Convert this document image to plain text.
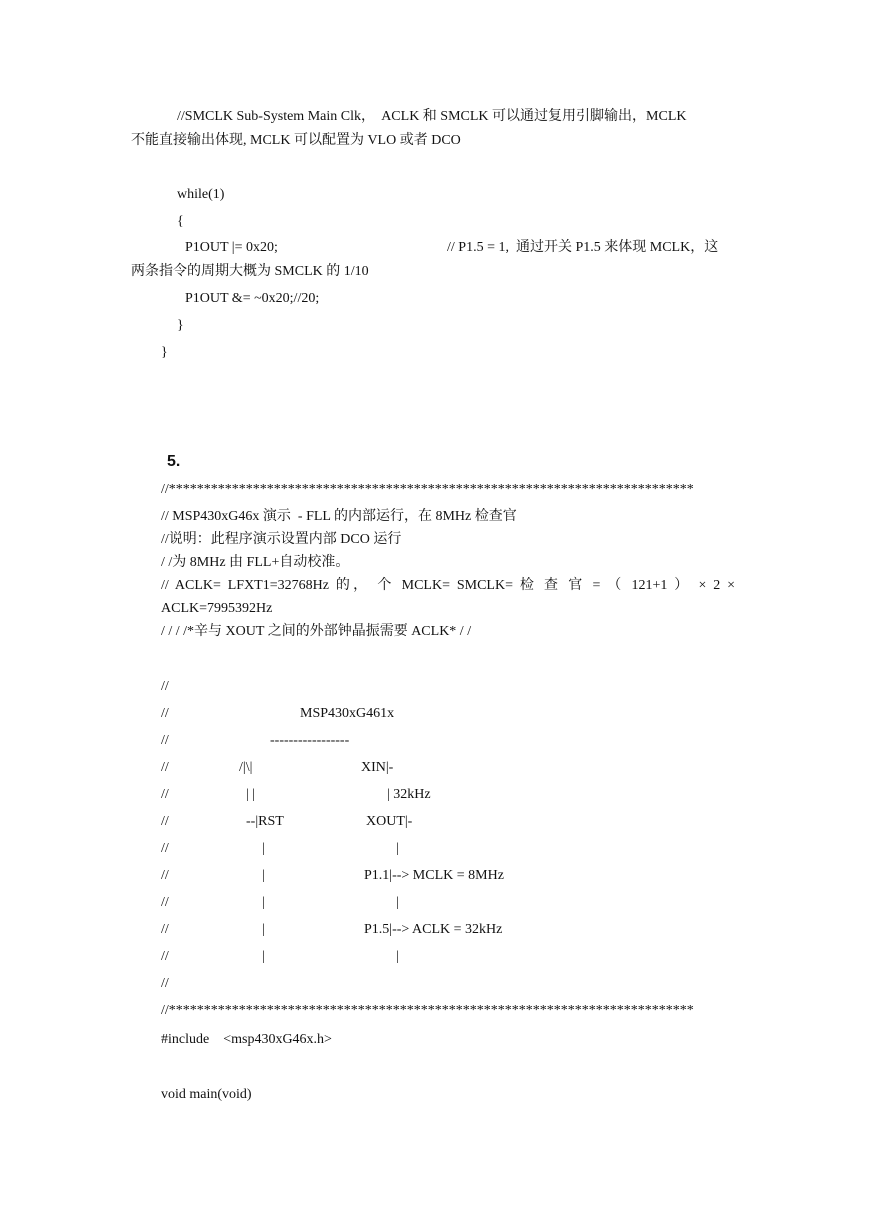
//SMCLK Sub-System Main Clk，  ACLK 和 SMCLK 可以通过复用引脚输出，MCLK
不能直接输出体现, MCLK 可以配置为 VLO 或者 DCO
while(1)
{
P1OUT |= 0x20;	// P1.5 = 1,  通过开关 P1.5 来体现 MCLK，这
两条指令的周期大概为 SMCLK 的 1/10
P1OUT &= ~0x20;//20;
}
}
5.
//***************************************************************************
// MSP430xG46x 演示  - FLL 的内部运行，在 8MHz 检查官
//说明：此程序演示设置内部 DCO 运行
/ /为 8MHz 由 FLL+自动校准。
// ACLK= LFXT1=32768Hz 的， 个 MCLK= SMCLK= 检 查 官 = （ 121+1 ） × 2 ×
ACLK=7995392Hz
/ / / /*辛与 XOUT 之间的外部钟晶振需要 ACLK* / /
//
//	MSP430xG461x
//	-----------------
//	/|\|	XIN|-
//	| |	| 32kHz
//	--|RST	XOUT|-
//	|	|
//	|	P1.1|--> MCLK = 8MHz
//	|	|
//	|	P1.5|--> ACLK = 32kHz
//	|	|
//
//***************************************************************************
#include    <msp430xG46x.h>
void main(void)
